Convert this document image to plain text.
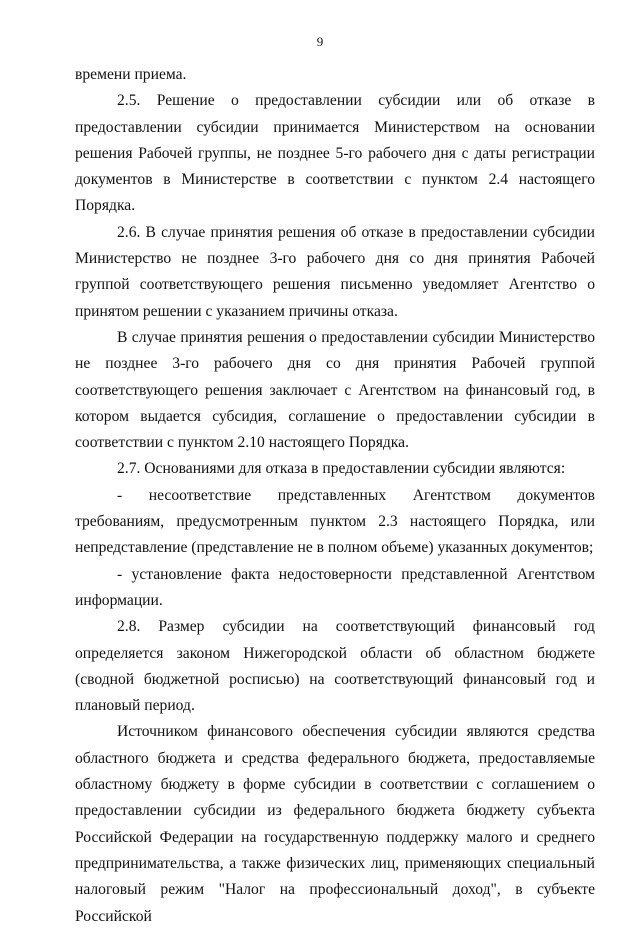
9

времени приема.

2.5. Решение о предоставлении субсидии или об отказе в предоставлении субсидии принимается Министерством на основании решения Рабочей группы, не позднее 5-го рабочего дня с даты регистрации документов в Министерстве в соответствии с пунктом 2.4 настоящего Порядка.

2.6. В случае принятия решения об отказе в предоставлении субсидии Министерство не позднее 3-го рабочего дня со дня принятия Рабочей группой соответствующего решения письменно уведомляет Агентство о принятом решении с указанием причины отказа.

В случае принятия решения о предоставлении субсидии Министерство не позднее 3-го рабочего дня со дня принятия Рабочей группой соответствующего решения заключает с Агентством на финансовый год, в котором выдается субсидия, соглашение о предоставлении субсидии в соответствии с пунктом 2.10 настоящего Порядка.

2.7. Основаниями для отказа в предоставлении субсидии являются:

- несоответствие представленных Агентством документов требованиям, предусмотренным пунктом 2.3 настоящего Порядка, или непредставление (представление не в полном объеме) указанных документов;

- установление факта недостоверности представленной Агентством информации.

2.8. Размер субсидии на соответствующий финансовый год определяется законом Нижегородской области об областном бюджете (сводной бюджетной росписью) на соответствующий финансовый год и плановый период.

Источником финансового обеспечения субсидии являются средства областного бюджета и средства федерального бюджета, предоставляемые областному бюджету в форме субсидии в соответствии с соглашением о предоставлении субсидии из федерального бюджета бюджету субъекта Российской Федерации на государственную поддержку малого и среднего предпринимательства, а также физических лиц, применяющих специальный налоговый режим "Налог на профессиональный доход", в субъекте Российской
